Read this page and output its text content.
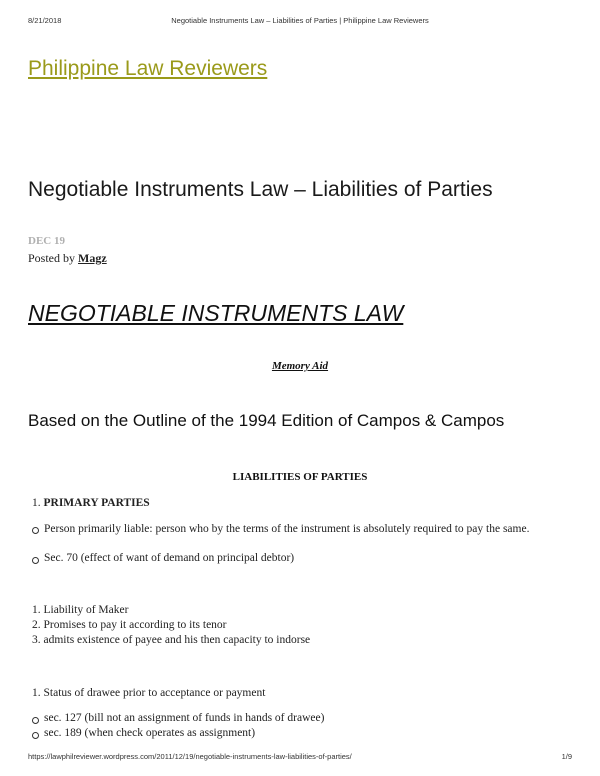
8/21/2018	Negotiable Instruments Law – Liabilities of Parties | Philippine Law Reviewers
Philippine Law Reviewers
Negotiable Instruments Law – Liabilities of Parties
DEC 19
Posted by Magz
NEGOTIABLE INSTRUMENTS LAW
Memory Aid
Based on the Outline of the 1994 Edition of Campos & Campos
LIABILITIES OF PARTIES
1. PRIMARY PARTIES
Person primarily liable: person who by the terms of the instrument is absolutely required to pay the same.
Sec. 70 (effect of want of demand on principal debtor)
1. Liability of Maker
2. Promises to pay it according to its tenor
3. admits existence of payee and his then capacity to indorse
1. Status of drawee prior to acceptance or payment
sec. 127 (bill not an assignment of funds in hands of drawee)
sec. 189 (when check operates as assignment)
https://lawphilreviewer.wordpress.com/2011/12/19/negotiable-instruments-law-liabilities-of-parties/	1/9
